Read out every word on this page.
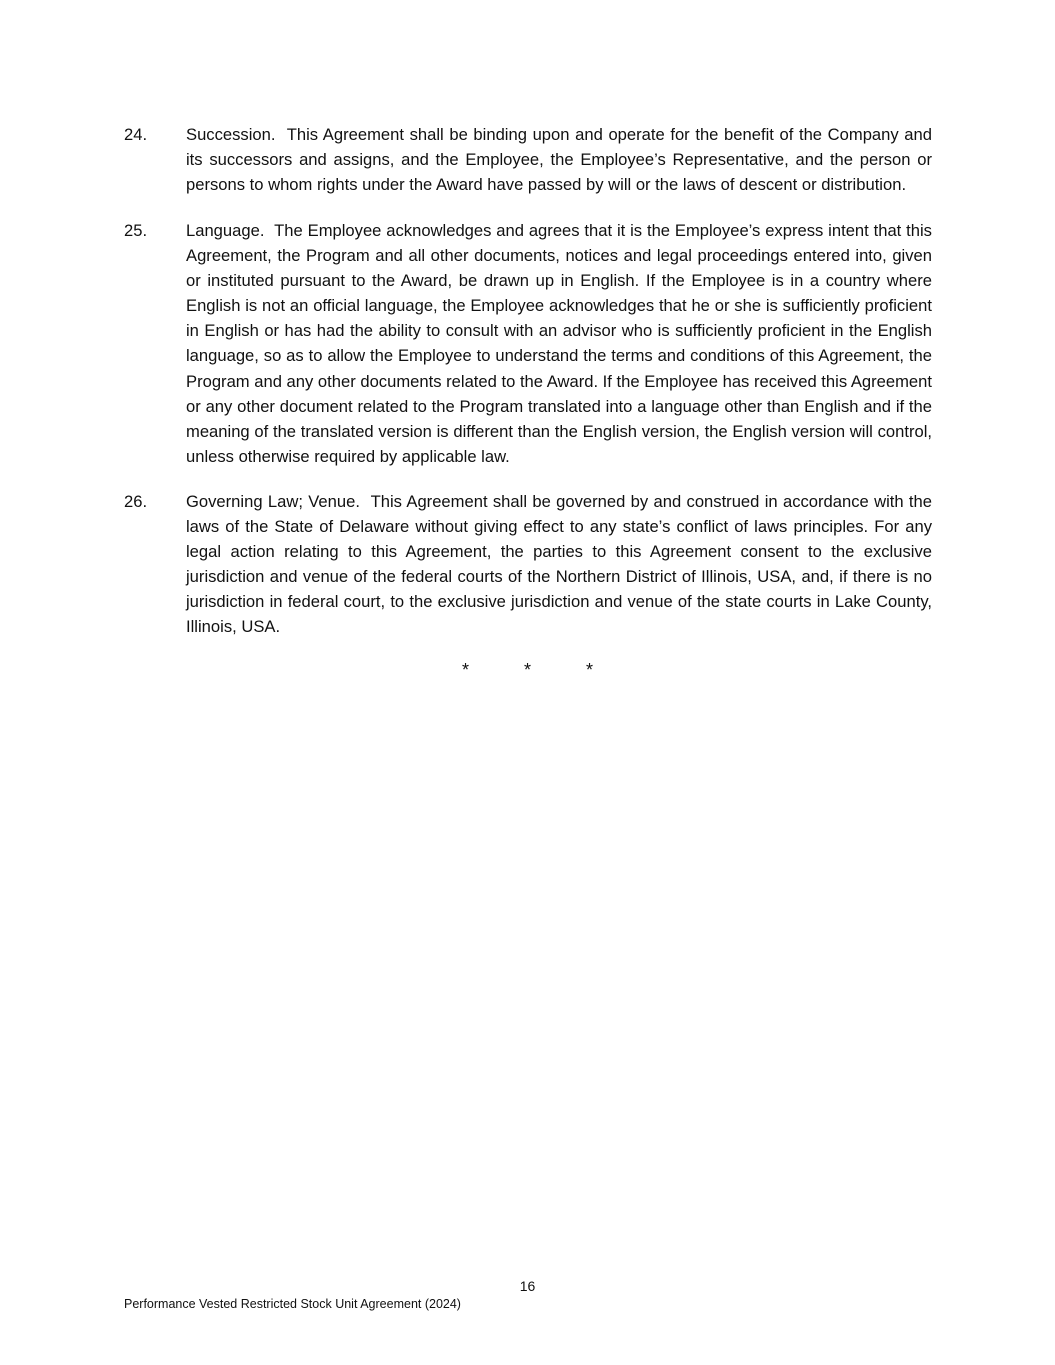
24. Succession. This Agreement shall be binding upon and operate for the benefit of the Company and its successors and assigns, and the Employee, the Employee’s Representative, and the person or persons to whom rights under the Award have passed by will or the laws of descent or distribution.
25. Language. The Employee acknowledges and agrees that it is the Employee’s express intent that this Agreement, the Program and all other documents, notices and legal proceedings entered into, given or instituted pursuant to the Award, be drawn up in English. If the Employee is in a country where English is not an official language, the Employee acknowledges that he or she is sufficiently proficient in English or has had the ability to consult with an advisor who is sufficiently proficient in the English language, so as to allow the Employee to understand the terms and conditions of this Agreement, the Program and any other documents related to the Award. If the Employee has received this Agreement or any other document related to the Program translated into a language other than English and if the meaning of the translated version is different than the English version, the English version will control, unless otherwise required by applicable law.
26. Governing Law; Venue. This Agreement shall be governed by and construed in accordance with the laws of the State of Delaware without giving effect to any state’s conflict of laws principles. For any legal action relating to this Agreement, the parties to this Agreement consent to the exclusive jurisdiction and venue of the federal courts of the Northern District of Illinois, USA, and, if there is no jurisdiction in federal court, to the exclusive jurisdiction and venue of the state courts in Lake County, Illinois, USA.
*	*	*
16
Performance Vested Restricted Stock Unit Agreement (2024)
